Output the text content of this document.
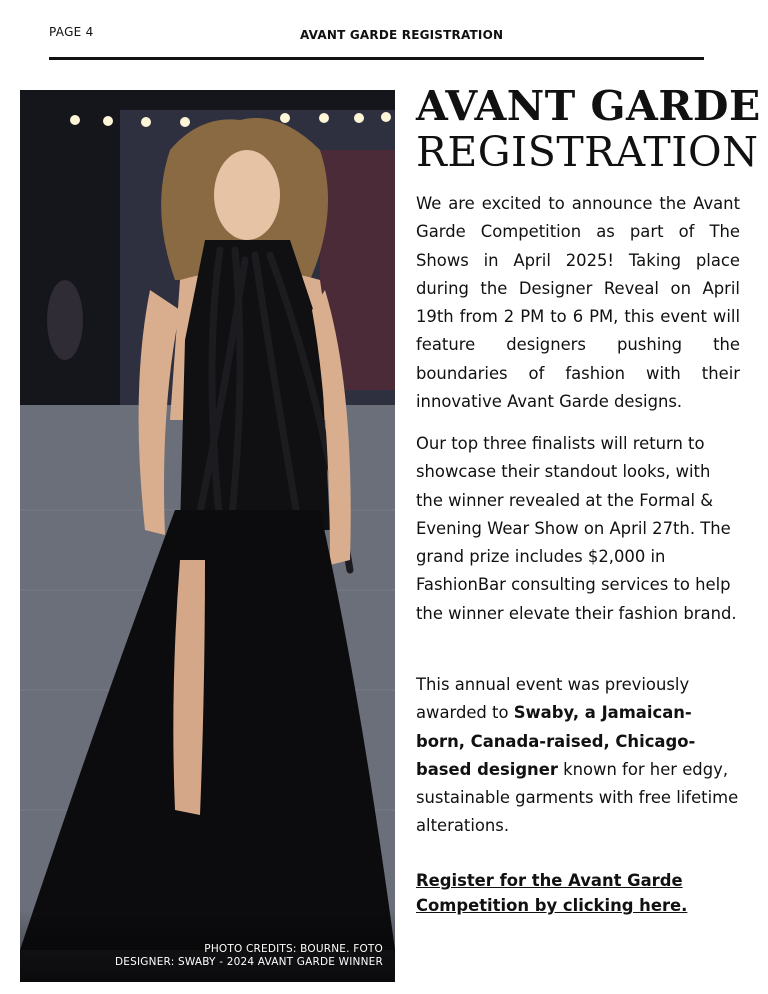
PAGE 4	AVANT GARDE REGISTRATION
PHOTO CREDITS: BOURNE. FOTO
DESIGNER: SWABY - 2024 AVANT GARDE WINNER
AVANT GARDE
REGISTRATION
We are excited to announce the Avant Garde Competition as part of The Shows in April 2025! Taking place during the Designer Reveal on April 19th from 2 PM to 6 PM, this event will feature designers pushing the boundaries of fashion with their innovative Avant Garde designs.
Our top three finalists will return to showcase their standout looks, with the winner revealed at the Formal & Evening Wear Show on April 27th. The grand prize includes $2,000 in FashionBar consulting services to help the winner elevate their fashion brand.
This annual event was previously awarded to Swaby, a Jamaican-born, Canada-raised, Chicago-based designer known for her edgy, sustainable garments with free lifetime alterations.
Register for the Avant Garde Competition by clicking here.
